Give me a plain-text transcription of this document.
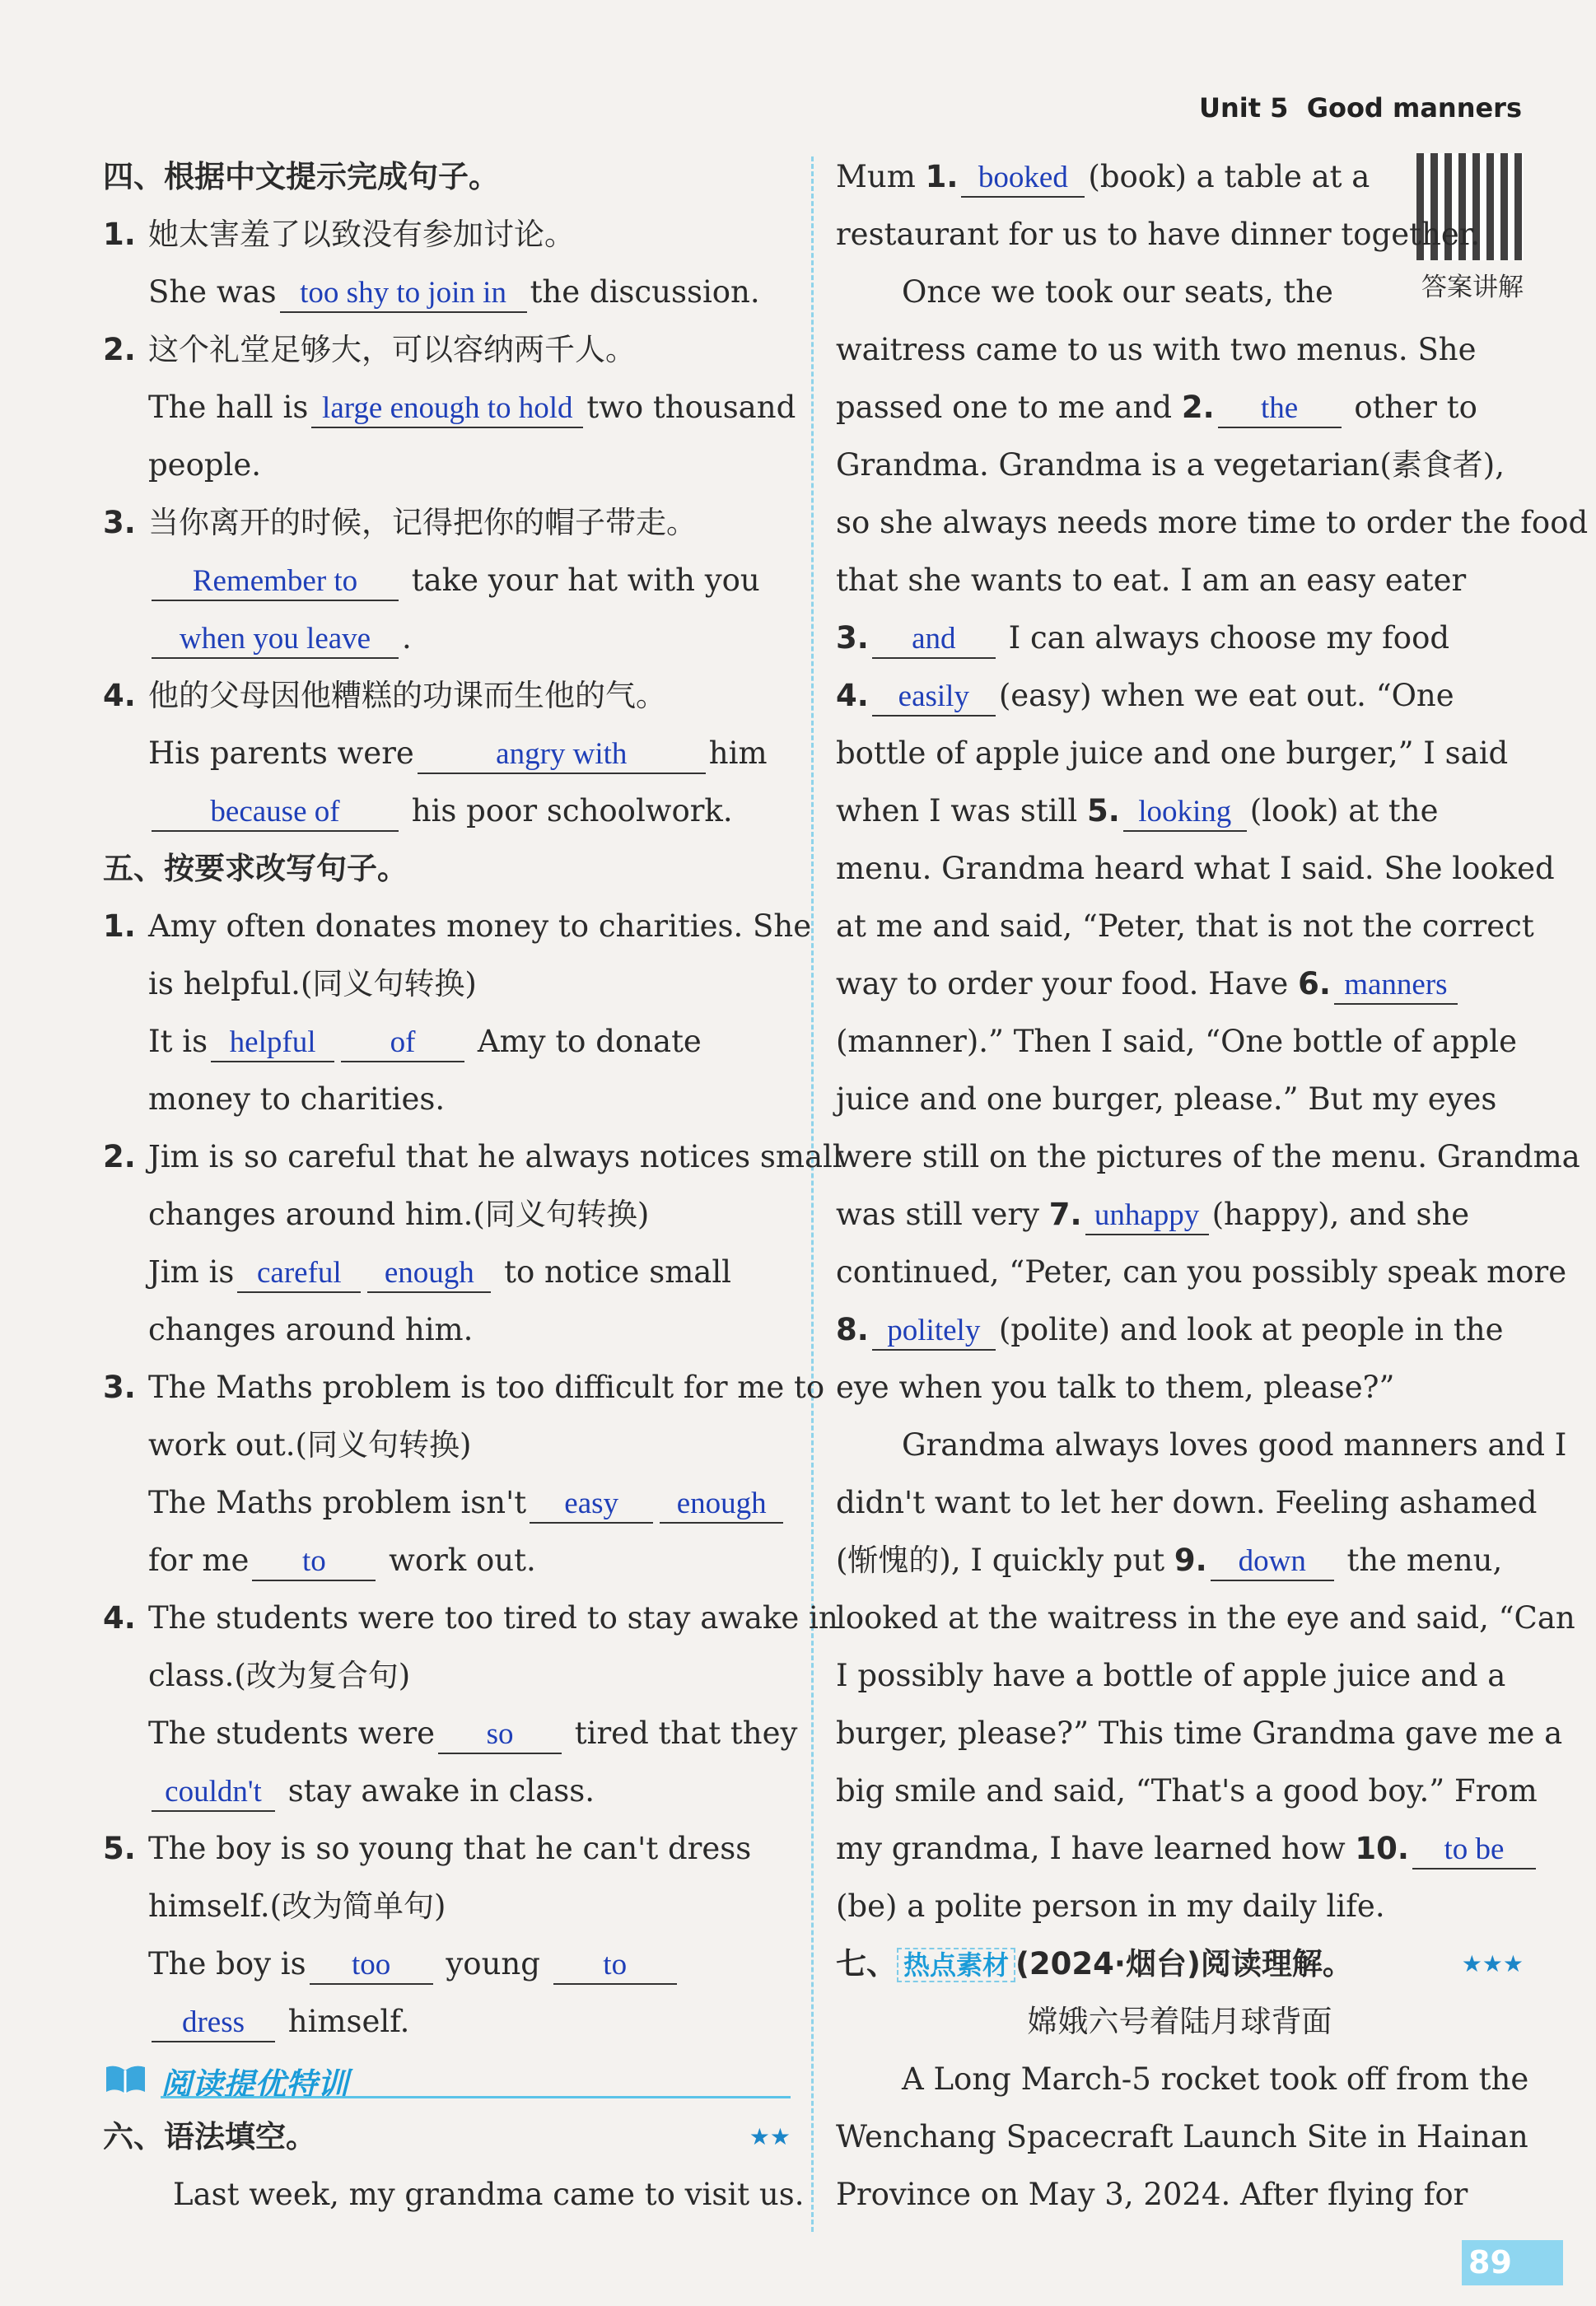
Unit 5 Good manners
四、根据中文提示完成句子。
1. 她太害羞了以致没有参加讨论。
She was too shy to join in the discussion.
2. 这个礼堂足够大，可以容纳两千人。
The hall is large enough to hold two thousand
people.
3. 当你离开的时候，记得把你的帽子带走。
Remember to take your hat with you
when you leave .
4. 他的父母因他糟糕的功课而生他的气。
His parents were	angry with	him
because of his poor schoolwork.
五、按要求改写句子。
1. Amy often donates money to charities. She
is helpful.(同义句转换)
It is helpful of Amy to donate
money to charities.
2. Jim is so careful that he always notices small
changes around him.(同义句转换)
Jim is careful enough to notice small
changes around him.
3. The Maths problem is too difficult for me to
work out.(同义句转换)
The Maths problem isn't easy enough
for me to work out.
4. The students were too tired to stay awake in
class.(改为复合句)
The students were so tired that they
couldn't stay awake in class.
5. The boy is so young that he can't dress
himself.(改为简单句)
The boy is too young to
dress himself.
阅读提优特训
六、语法填空。	★★
Last week, my grandma came to visit us.
答案讲解
Mum 1. booked (book) a table at a
restaurant for us to have dinner together.
Once we took our seats, the
waitress came to us with two menus. She
passed one to me and 2. the other to
Grandma. Grandma is a vegetarian(素食者),
so she always needs more time to order the food
that she wants to eat. I am an easy eater
3. and I can always choose my food
4. easily (easy) when we eat out. “One
bottle of apple juice and one burger,” I said
when I was still 5. looking (look) at the
menu. Grandma heard what I said. She looked
at me and said, “Peter, that is not the correct
way to order your food. Have 6. manners
(manner).” Then I said, “One bottle of apple
juice and one burger, please.” But my eyes
were still on the pictures of the menu. Grandma
was still very 7. unhappy (happy), and she
continued, “Peter, can you possibly speak more
8. politely (polite) and look at people in the
eye when you talk to them, please?”
Grandma always loves good manners and I
didn't want to let her down. Feeling ashamed
(惭愧的), I quickly put 9. down the menu,
looked at the waitress in the eye and said, “Can
I possibly have a bottle of apple juice and a
burger, please?” This time Grandma gave me a
big smile and said, “That's a good boy.” From
my grandma, I have learned how 10. to be
(be) a polite person in my daily life.
七、 热点素材 (2024·烟台)阅读理解。	★★★
嫦娥六号着陆月球背面
A Long March-5 rocket took off from the
Wenchang Spacecraft Launch Site in Hainan
Province on May 3, 2024. After flying for
89
